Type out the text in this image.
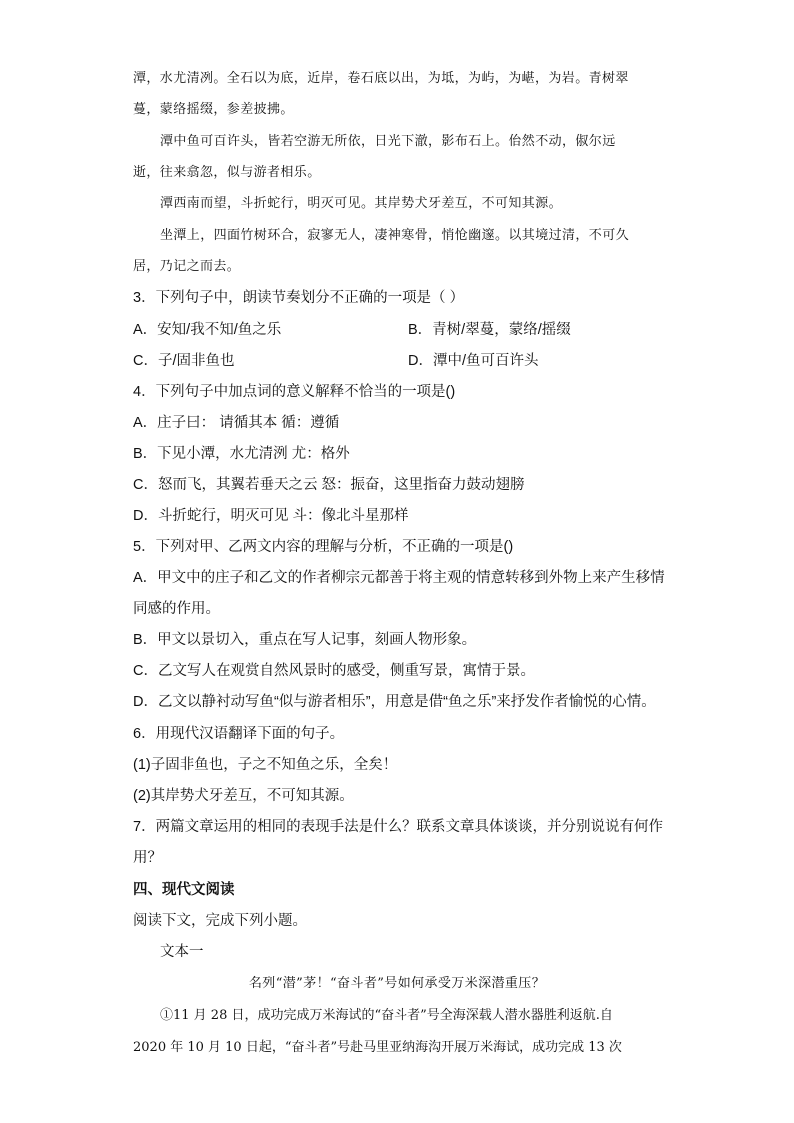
潭，水尤清冽。全石以为底，近岸，卷石底以出，为坻，为屿，为嵁，为岩。青树翠
蔓，蒙络摇缀，参差披拂。
潭中鱼可百许头，皆若空游无所依，日光下澈，影布石上。佁然不动，俶尔远
逝，往来翕忽，似与游者相乐。
潭西南而望，斗折蛇行，明灭可见。其岸势犬牙差互，不可知其源。
坐潭上，四面竹树环合，寂寥无人，凄神寒骨，悄怆幽邃。以其境过清，不可久
居，乃记之而去。
3．下列句子中，朗读节奏划分不正确的一项是（ ）
A．安知/我不知/鱼之乐	B．青树/翠蔓，蒙络/摇缀
C．子/固非鱼也	D．潭中/鱼可百许头
4．下列句子中加点词的意义解释不恰当的一项是()
A．庄子曰： 请循其本 循：遵循
B．下见小潭，水尤清洌 尤：格外
C．怒而飞，其翼若垂天之云 怒：振奋，这里指奋力鼓动翅膀
D．斗折蛇行，明灭可见 斗：像北斗星那样
5．下列对甲、乙两文内容的理解与分析，不正确的一项是()
A．甲文中的庄子和乙文的作者柳宗元都善于将主观的情意转移到外物上来产生移情
同感的作用。
B．甲文以景切入，重点在写人记事，刻画人物形象。
C．乙文写人在观赏自然风景时的感受，侧重写景，寓情于景。
D．乙文以静衬动写鱼“似与游者相乐”，用意是借“鱼之乐”来抒发作者愉悦的心情。
6．用现代汉语翻译下面的句子。
(1)子固非鱼也，子之不知鱼之乐，全矣！
(2)其岸势犬牙差互，不可知其源。
7．两篇文章运用的相同的表现手法是什么？联系文章具体谈谈，并分别说说有何作
用？
四、现代文阅读
阅读下文，完成下列小题。
文本一
名列“潜”茅！“奋斗者”号如何承受万米深潜重压？
①11 月 28 日，成功完成万米海试的“奋斗者”号全海深载人潜水器胜利返航.自
2020 年 10 月 10 日起，“奋斗者”号赴马里亚纳海沟开展万米海试，成功完成 13 次
